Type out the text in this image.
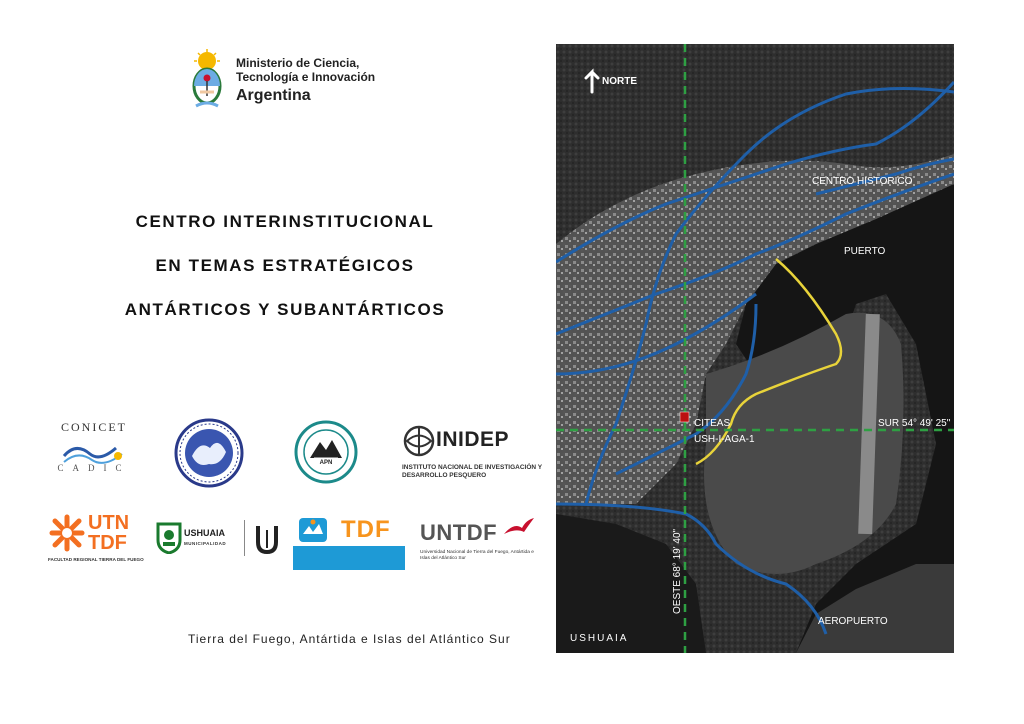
Ministerio de Ciencia,
Tecnología e Innovación
Argentina
CENTRO INTERINSTITUCIONAL
EN TEMAS ESTRATÉGICOS
ANTÁRTICOS Y SUBANTÁRTICOS
CONICET
CADIC	APN
INIDEP
INSTITUTO NACIONAL DE INVESTIGACIÓN Y DESARROLLO PESQUERO
UTN
TDF
FACULTAD REGIONAL TIERRA DEL FUEGO
USHUAIA
MUNICIPALIDAD
TDF
Gobierno de Tierra del Fuego, Antártida e Islas del Atlántico Sur
UNTDF
Universidad Nacional de Tierra del Fuego, Antártida e Islas del Atlántico Sur
Tierra del Fuego, Antártida e Islas del Atlántico Sur
NORTE
CENTRO HISTORICO
PUERTO
CITEAS
USH-I-AGA-1
SUR 54° 49' 25"
OESTE 68° 19' 40"
AEROPUERTO
USHUAIA
